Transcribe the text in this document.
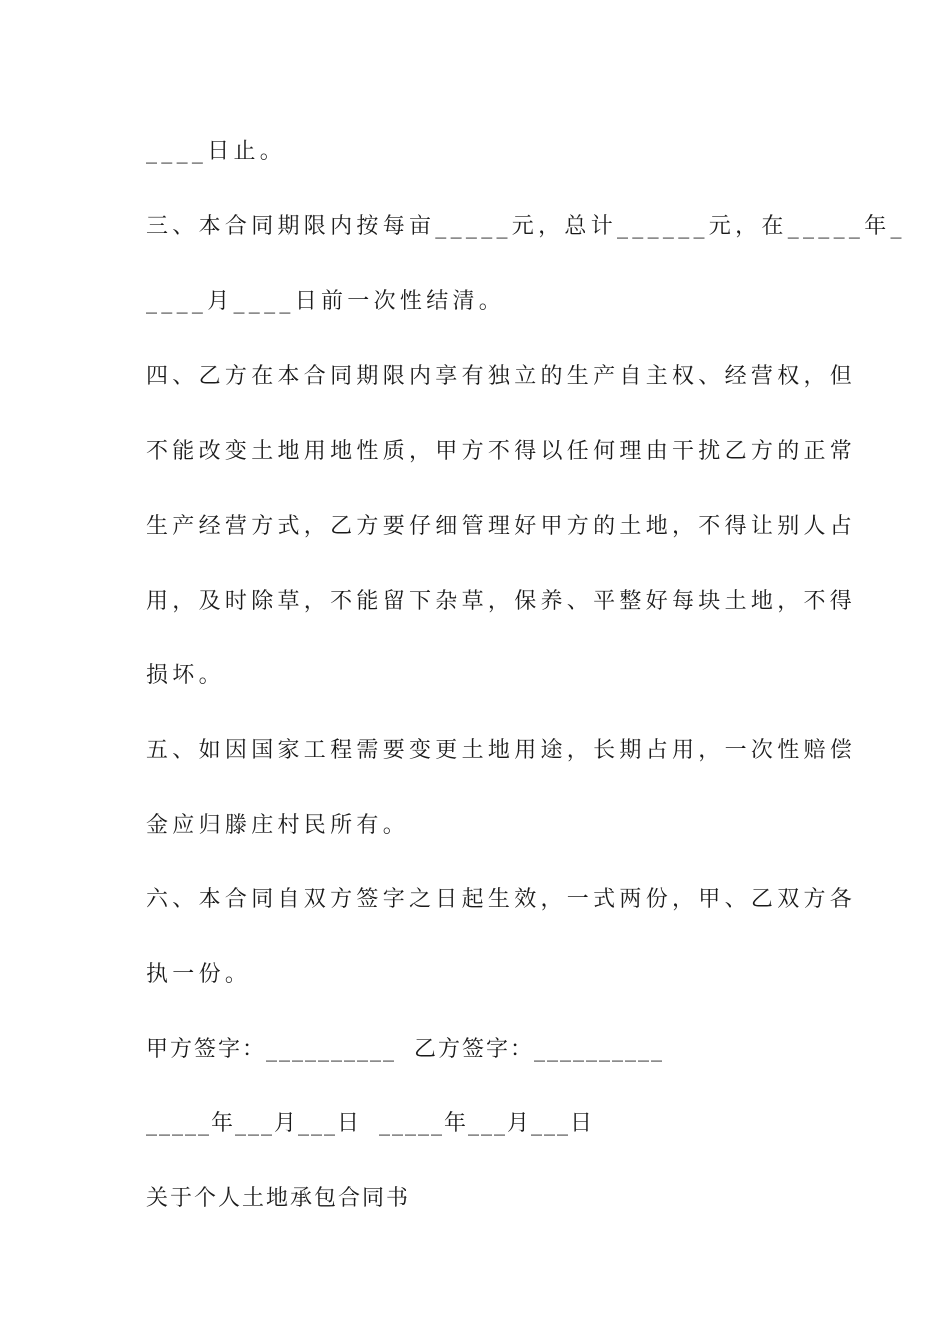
____日止。
三、本合同期限内按每亩_____元，总计______元，在_____年_
____月____日前一次性结清。
四、乙方在本合同期限内享有独立的生产自主权、经营权，但
不能改变土地用地性质，甲方不得以任何理由干扰乙方的正常
生产经营方式，乙方要仔细管理好甲方的土地，不得让别人占
用，及时除草，不能留下杂草，保养、平整好每块土地，不得
损坏。
五、如因国家工程需要变更土地用途，长期占用，一次性赔偿
金应归滕庄村民所有。
六、本合同自双方签字之日起生效，一式两份，甲、乙双方各
执一份。
甲方签字：__________  乙方签字：__________
_____年___月___日  _____年___月___日
关于个人土地承包合同书
